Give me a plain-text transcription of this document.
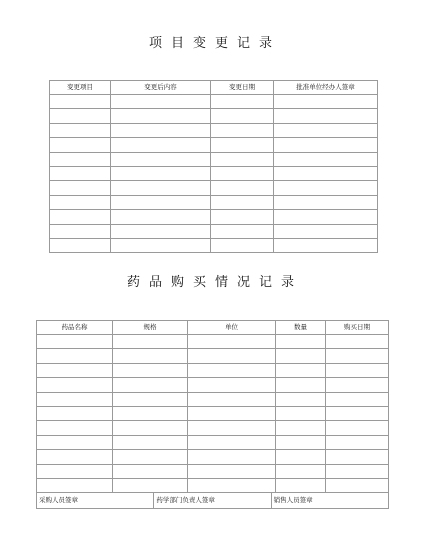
项目变更记录
变更项目	变更后内容	变更日期	批准单位经办人签章

药品购买情况记录
药品名称	规格	单位	数量	购买日期

采购人员签章 药学部门负责人签章 销售人员签章				
